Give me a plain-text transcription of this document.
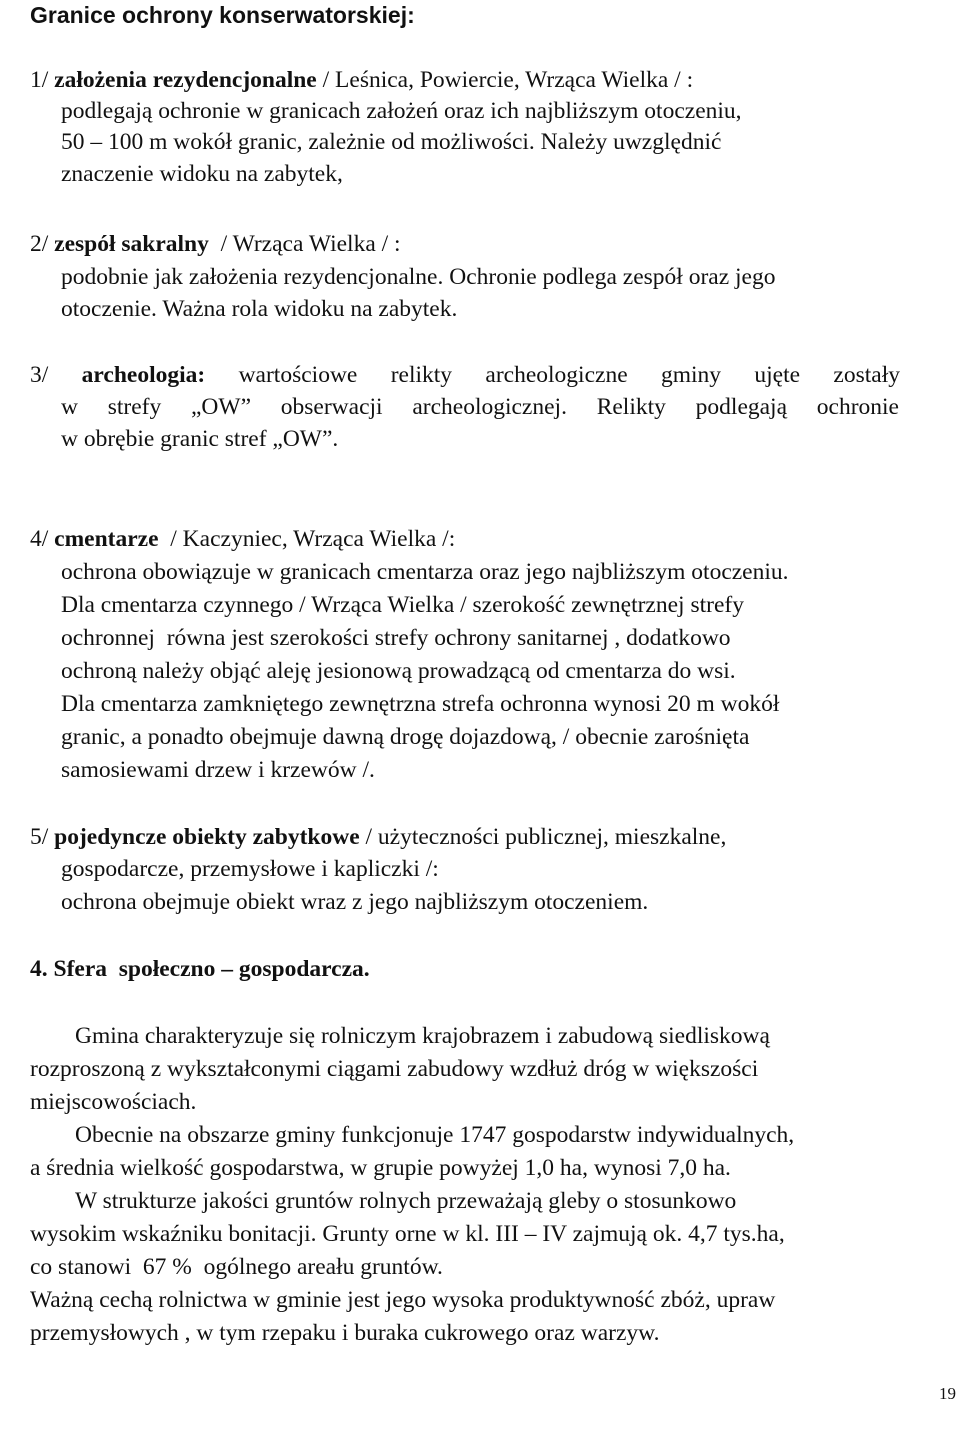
Granice ochrony konserwatorskiej:
1/ założenia rezydencjonalne / Leśnica, Powiercie, Wrząca Wielka / :
podlegają ochronie w granicach założeń oraz ich najbliższym otoczeniu,
50 – 100 m wokół granic, zależnie od możliwości. Należy uwzględnić
znaczenie widoku na zabytek,
2/ zespół sakralny  / Wrząca Wielka / :
podobnie jak założenia rezydencjonalne. Ochronie podlega zespół oraz jego
otoczenie. Ważna rola widoku na zabytek.
3/ archeologia: wartościowe relikty archeologiczne gminy ujęte zostały
w strefy „OW” obserwacji archeologicznej. Relikty podlegają ochronie
w obrębie granic stref „OW”.
4/ cmentarze  / Kaczyniec, Wrząca Wielka /:
ochrona obowiązuje w granicach cmentarza oraz jego najbliższym otoczeniu.
Dla cmentarza czynnego / Wrząca Wielka / szerokość zewnętrznej strefy
ochronnej  równa jest szerokości strefy ochrony sanitarnej , dodatkowo
ochroną należy objąć aleję jesionową prowadzącą od cmentarza do wsi.
Dla cmentarza zamkniętego zewnętrzna strefa ochronna wynosi 20 m wokół
granic, a ponadto obejmuje dawną drogę dojazdową, / obecnie zarośnięta
samosiewami drzew i krzewów /.
5/ pojedyncze obiekty zabytkowe / użyteczności publicznej, mieszkalne,
gospodarcze, przemysłowe i kapliczki /:
ochrona obejmuje obiekt wraz z jego najbliższym otoczeniem.
4. Sfera  społeczno – gospodarcza.
Gmina charakteryzuje się rolniczym krajobrazem i zabudową siedliskową
rozproszoną z wykształconymi ciągami zabudowy wzdłuż dróg w większości
miejscowościach.
Obecnie na obszarze gminy funkcjonuje 1747 gospodarstw indywidualnych,
a średnia wielkość gospodarstwa, w grupie powyżej 1,0 ha, wynosi 7,0 ha.
W strukturze jakości gruntów rolnych przeważają gleby o stosunkowo
wysokim wskaźniku bonitacji. Grunty orne w kl. III – IV zajmują ok. 4,7 tys.ha,
co stanowi  67 %  ogólnego areału gruntów.
Ważną cechą rolnictwa w gminie jest jego wysoka produktywność zbóż, upraw
przemysłowych , w tym rzepaku i buraka cukrowego oraz warzyw.
19
